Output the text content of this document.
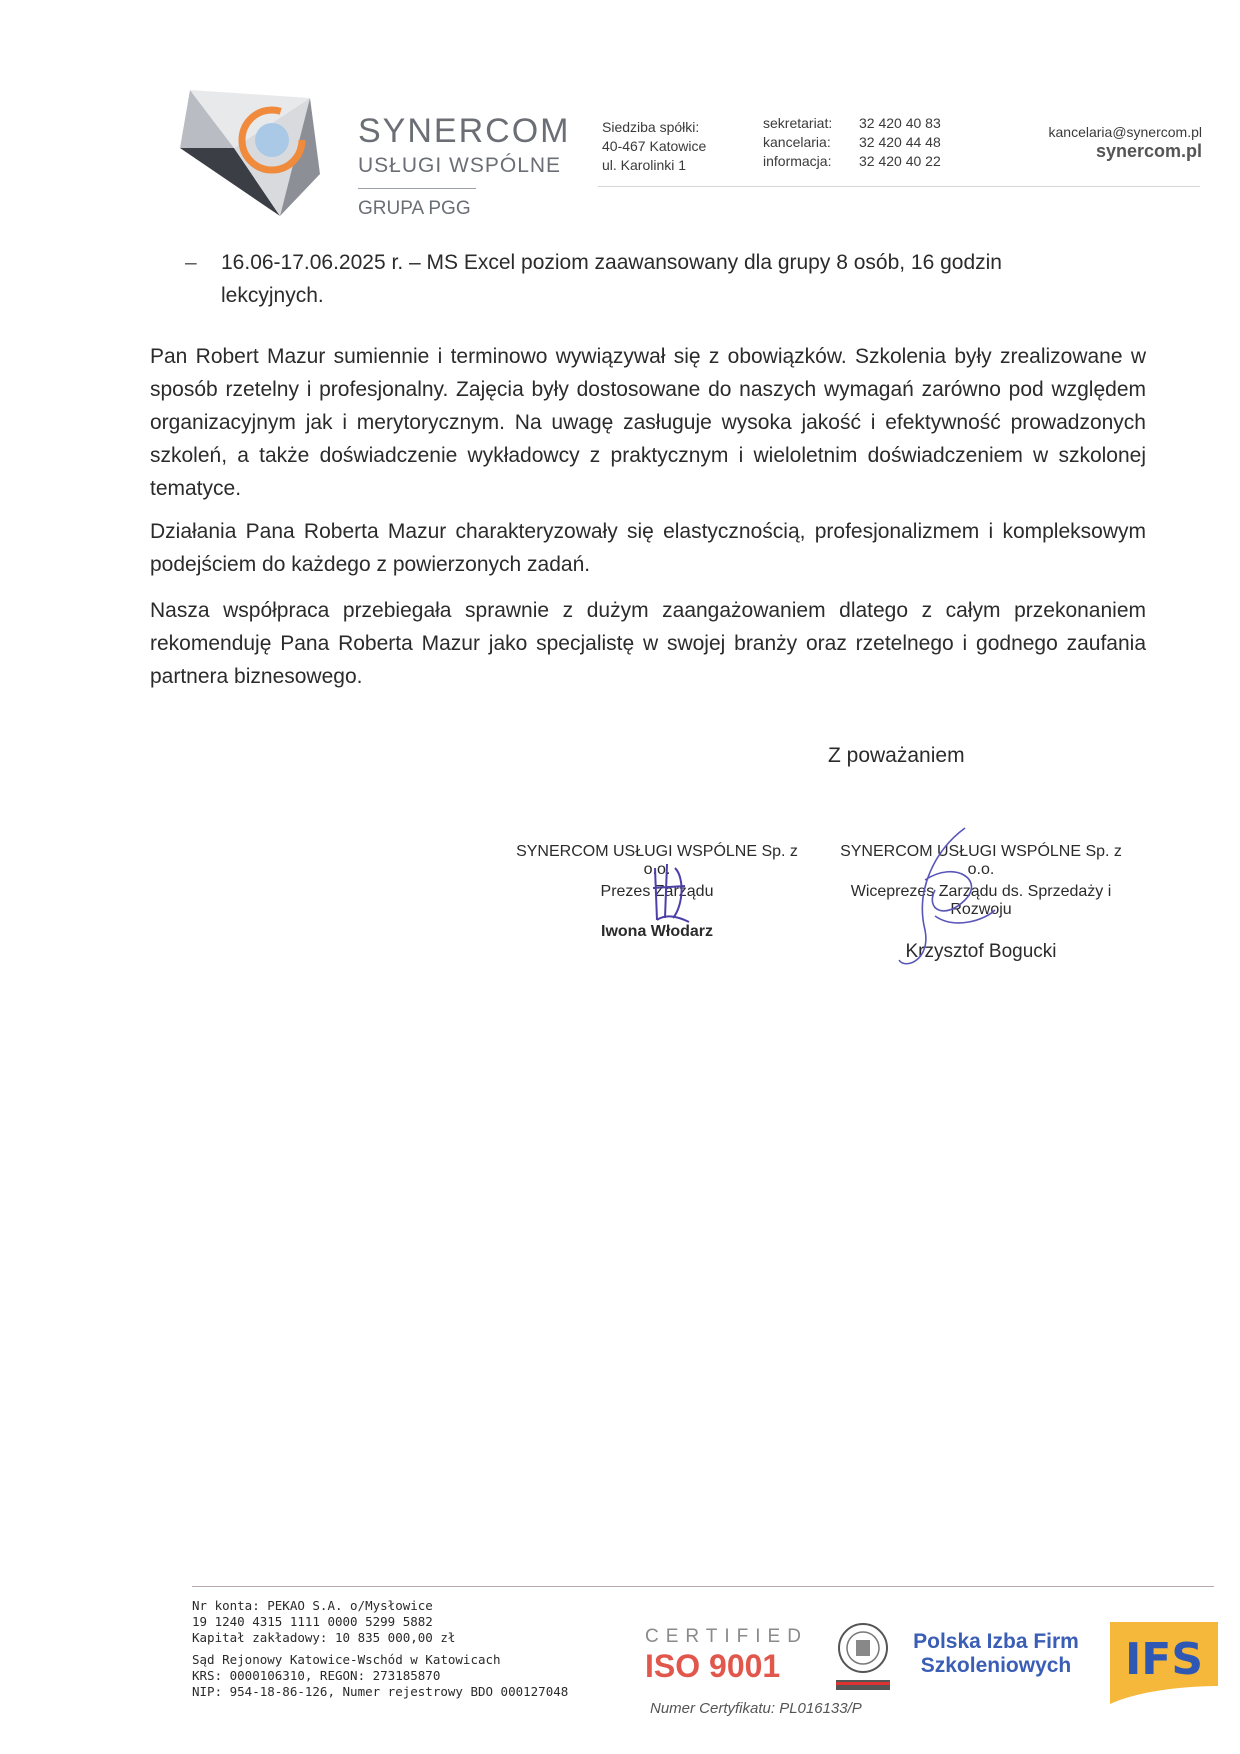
SYNERCOM
USŁUGI WSPÓLNE
GRUPA PGG
Siedziba spółki:
40-467 Katowice
ul. Karolinki 1
sekretariat:	32 420 40 83
kancelaria:	32 420 44 48
informacja:	32 420 40 22
kancelaria@synercom.pl
synercom.pl
– 16.06-17.06.2025 r. – MS Excel poziom zaawansowany dla grupy 8 osób, 16 godzin lekcyjnych.
Pan Robert Mazur sumiennie i terminowo wywiązywał się z obowiązków. Szkolenia były zrealizowane w sposób rzetelny i profesjonalny. Zajęcia były dostosowane do naszych wymagań zarówno pod względem organizacyjnym jak i merytorycznym. Na uwagę zasługuje wysoka jakość i efektywność prowadzonych szkoleń, a także doświadczenie wykładowcy z praktycznym i wieloletnim doświadczeniem w szkolonej tematyce.
Działania Pana Roberta Mazur charakteryzowały się elastycznością, profesjonalizmem i kompleksowym podejściem do każdego z powierzonych zadań.
Nasza współpraca przebiegała sprawnie z dużym zaangażowaniem dlatego z całym przekonaniem rekomenduję Pana Roberta Mazur jako specjalistę w swojej branży oraz rzetelnego i godnego zaufania partnera biznesowego.
Z poważaniem
SYNERCOM USŁUGI WSPÓLNE Sp. z o.o.
Prezes Zarządu
Iwona Włodarz
SYNERCOM USŁUGI WSPÓLNE Sp. z o.o.
Wiceprezes Zarządu ds. Sprzedaży i Rozwoju
Krzysztof Bogucki
Nr konta: PEKAO S.A. o/Mysłowice
19 1240 4315 1111 0000 5299 5882
Kapitał zakładowy: 10 835 000,00 zł
Sąd Rejonowy Katowice-Wschód w Katowicach
KRS: 0000106310, REGON: 273185870
NIP: 954-18-86-126, Numer rejestrowy BDO 000127048
CERTIFIED
ISO 9001
Numer Certyfikatu: PL016133/P
Polska Izba Firm
Szkoleniowych	IFS
